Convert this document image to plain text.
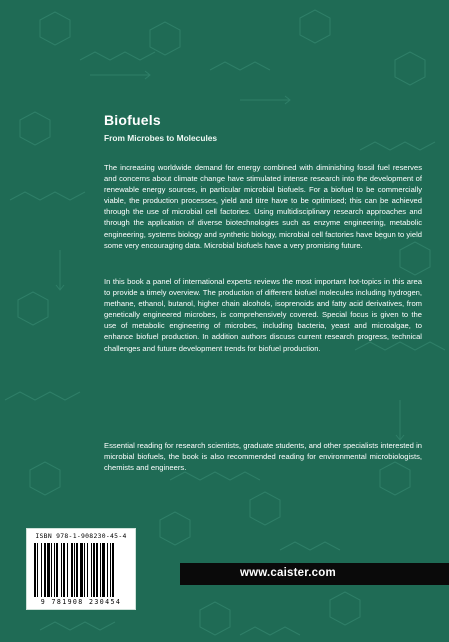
Biofuels
From Microbes to Molecules

The increasing worldwide demand for energy combined with diminishing fossil fuel reserves and concerns about climate change have stimulated intense research into the development of renewable energy sources, in particular microbial biofuels. For a biofuel to be commercially viable, the production processes, yield and titre have to be optimised; this can be achieved through the use of microbial cell factories. Using multidisciplinary research approaches and through the application of diverse biotechnologies such as enzyme engineering, metabolic engineering, systems biology and synthetic biology, microbial cell factories have begun to yield some very encouraging data. Microbial biofuels have a very promising future.

In this book a panel of international experts reviews the most important hot-topics in this area to provide a timely overview. The production of different biofuel molecules including hydrogen, methane, ethanol, butanol, higher chain alcohols, isoprenoids and fatty acid derivatives, from genetically engineered microbes, is comprehensively covered. Special focus is given to the use of metabolic engineering of microbes, including bacteria, yeast and microalgae, to enhance biofuel production. In addition authors discuss current research progress, technical challenges and future development trends for biofuel production.

Essential reading for research scientists, graduate students, and other specialists interested in microbial biofuels, the book is also recommended reading for environmental microbiologists, chemists and engineers.

ISBN 978-1-908230-45-4
9 781908 230454
www.caister.com
